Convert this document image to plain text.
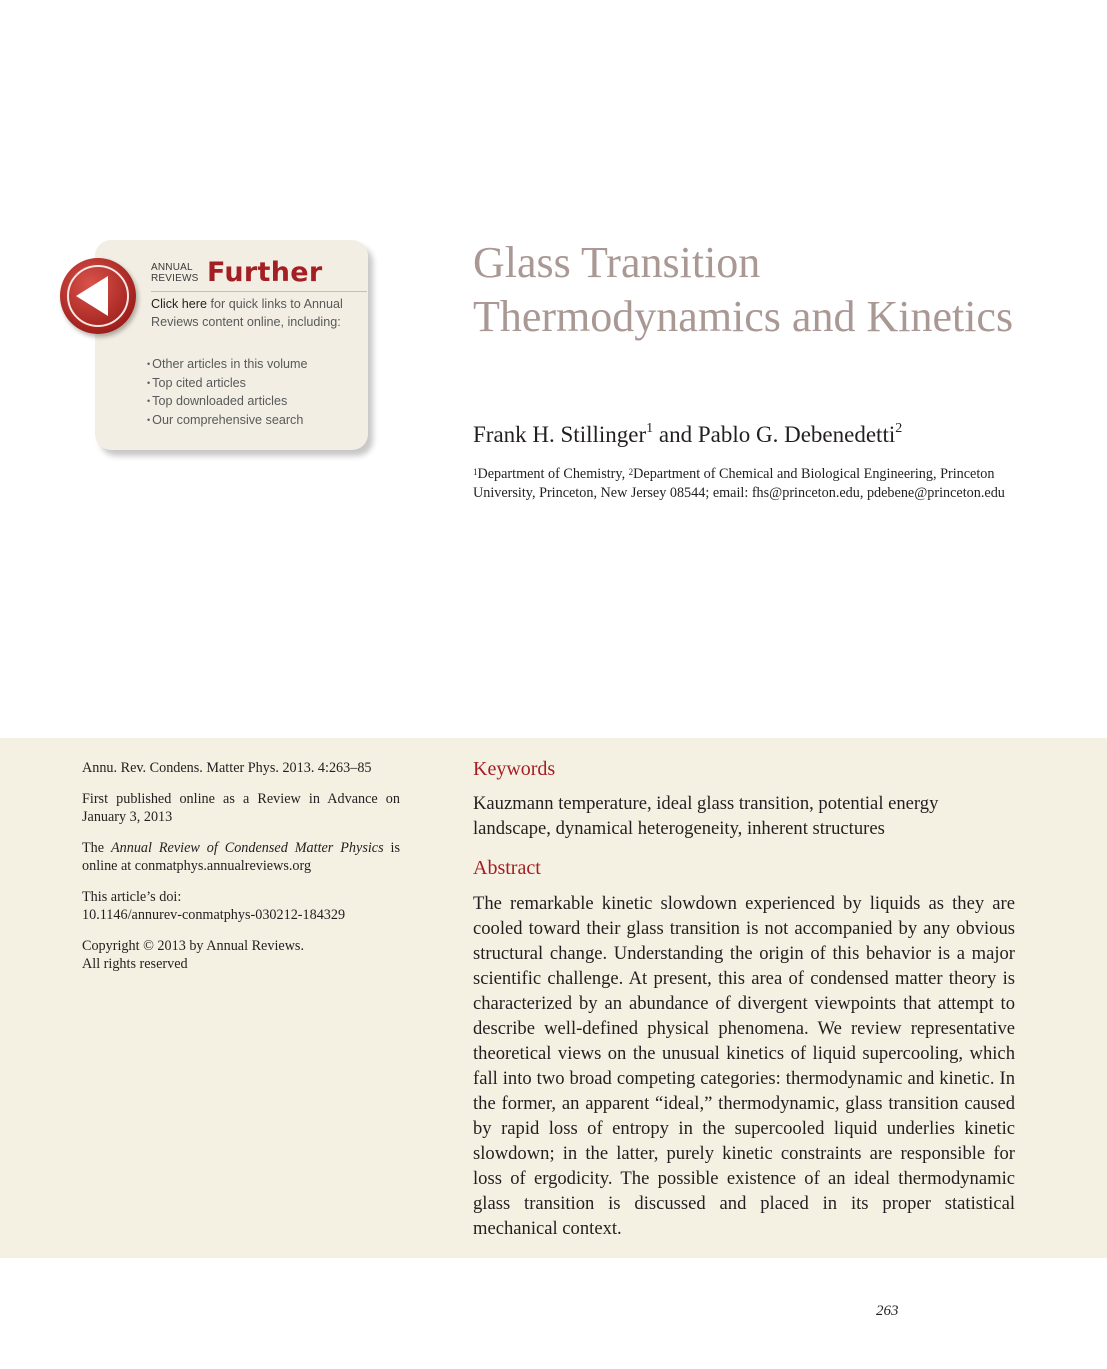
ANNUAL
REVIEWS Further
Click here for quick links to Annual Reviews content online, including:
• Other articles in this volume
• Top cited articles
• Top downloaded articles
• Our comprehensive search
Glass Transition Thermodynamics and Kinetics
Frank H. Stillinger$^1$ and Pablo G. Debenedetti$^2$
$^1$Department of Chemistry, $^2$Department of Chemical and Biological Engineering, Princeton University, Princeton, New Jersey 08544; email: fhs@princeton.edu, pdebene@princeton.edu

Annu. Rev. Condens. Matter Phys. 2013. 4:263–85

First published online as a Review in Advance on January 3, 2013

The Annual Review of Condensed Matter Physics is online at conmatphys.annualreviews.org

This article’s doi:
10.1146/annurev-conmatphys-030212-184329

Copyright © 2013 by Annual Reviews.
All rights reserved

Keywords
Kauzmann temperature, ideal glass transition, potential energy landscape, dynamical heterogeneity, inherent structures
Abstract
The remarkable kinetic slowdown experienced by liquids as they are cooled toward their glass transition is not accompanied by any obvious structural change. Understanding the origin of this behavior is a major scientific challenge. At present, this area of condensed matter theory is characterized by an abundance of divergent viewpoints that attempt to describe well-defined physical phenomena. We review representative theoretical views on the unusual kinetics of liquid supercooling, which fall into two broad competing categories: thermodynamic and kinetic. In the former, an apparent “ideal,” thermodynamic, glass transition caused by rapid loss of entropy in the supercooled liquid underlies kinetic slowdown; in the latter, purely kinetic constraints are responsible for loss of ergodicity. The possible existence of an ideal thermodynamic glass transition is discussed and placed in its proper statistical mechanical context.
263
